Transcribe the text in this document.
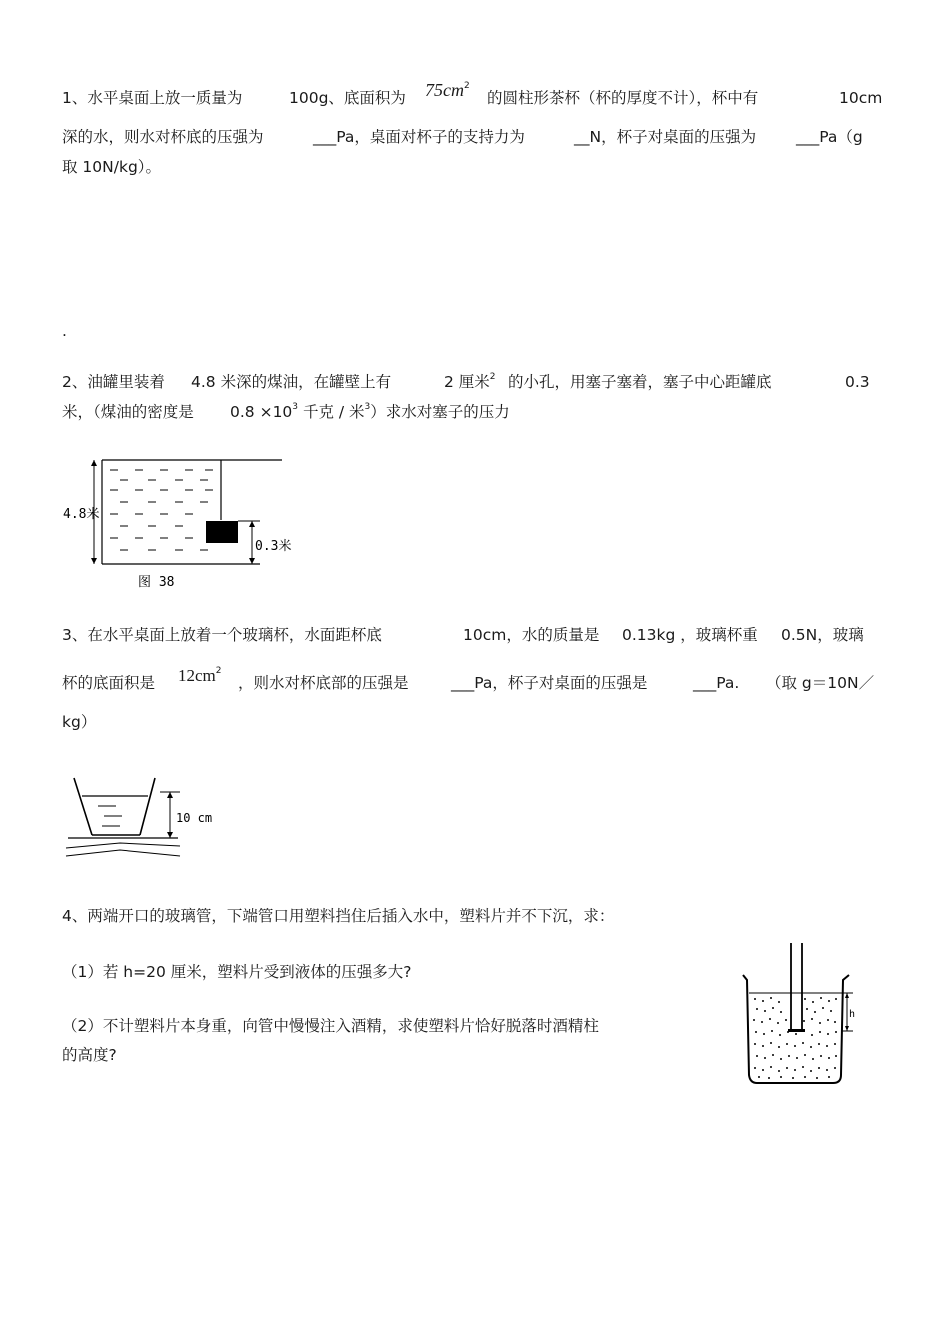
1、水平桌面上放一质量为	100g、底面积为 $75cm^2$
的圆柱形茶杯（杯的厚度不计），杯中有	10cm
深的水，则水对杯底的压强为	___Pa，桌面对杯子的支持力为	__N，杯子对桌面的压强为	___Pa（g
取 10N/kg）。
.
2、油罐里装着 4.8 米深的煤油，在罐壁上有	2 厘米$^2$ 的小孔，用塞子塞着，塞子中心距罐底	0.3
米，（煤油的密度是 $0.8 \times 10^3$ 千克 / 米$^3$）求水对塞子的压力
4.8米
0.3米
图 38
3、在水平桌面上放着一个玻璃杯，水面距杯底	10cm，水的质量是 0.13kg ，玻璃杯重 0.5N，玻璃
杯的底面积是 $12cm^2$
，则水对杯底部的压强是	___Pa，杯子对桌面的压强是	___Pa. （取 g＝10N／
kg）
10 cm
4、两端开口的玻璃管，下端管口用塑料挡住后插入水中，塑料片并不下沉，求：
（1）若 h=20 厘米，塑料片受到液体的压强多大?
（2）不计塑料片本身重，向管中慢慢注入酒精，求使塑料片恰好脱落时酒精柱
的高度?
h
